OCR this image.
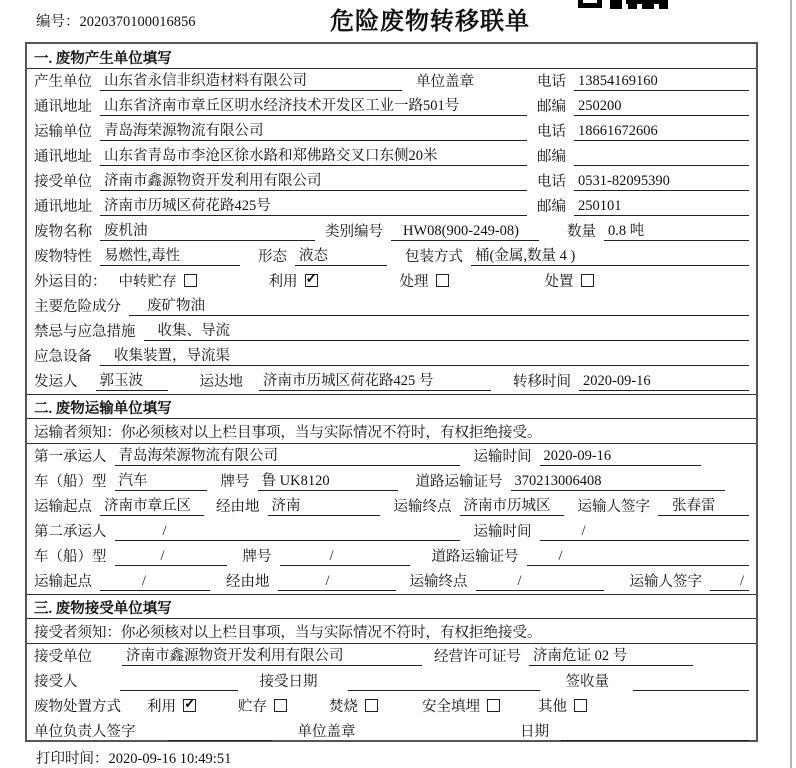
编号：2020370100016856	危险废物转移联单
一. 废物产生单位填写
产生单位 山东省永信非织造材料有限公司	单位盖章	电话 13854169160
通讯地址 山东省济南市章丘区明水经济技术开发区工业一路501号	邮编 250200
运输单位 青岛海荣源物流有限公司	电话 18661672606
通讯地址 山东省青岛市李沧区徐水路和郑佛路交叉口东侧20米	邮编
接受单位 济南市鑫源物资开发利用有限公司	电话 0531-82095390
通讯地址 济南市历城区荷花路425号	邮编 250101
废物名称 废机油	类别编号	HW08(900-249-08)	数量 0.8 吨
废物特性 易燃性,毒性	形态 液态	包装方式 桶(金属,数量 4 )
外运目的： 中转贮存	利用 ✓	处理	处置
主要危险成分	废矿物油
禁忌与应急措施	收集、导流
应急设备	收集装置，导流渠
发运人 郭玉波	运达地 济南市历城区荷花路425 号	转移时间 2020-09-16
二. 废物运输单位填写
运输者须知：你必须核对以上栏目事项，当与实际情况不符时，有权拒绝接受。
第一承运人 青岛海荣源物流有限公司	运输时间 2020-09-16
车（船）型 汽车	牌号 鲁 UK8120	道路运输证号 370213006408
运输起点 济南市章丘区	经由地 济南	运输终点 济南市历城区	运输人签字	张春雷
第二承运人	/	运输时间	/
车（船）型	/	牌号	/	道路运输证号	/
运输起点	/	经由地	/	运输终点	/	运输人签字	/
三. 废物接受单位填写
接受者须知：你必须核对以上栏目事项，当与实际情况不符时，有权拒绝接受。
接受单位 济南市鑫源物资开发利用有限公司	经营许可证号 济南危证 02 号
接受人	接受日期	签收量
废物处置方式 利用 ✓	贮存	焚烧	安全填埋	其他
单位负责人签字	单位盖章	日期
打印时间：2020-09-16 10:49:51
